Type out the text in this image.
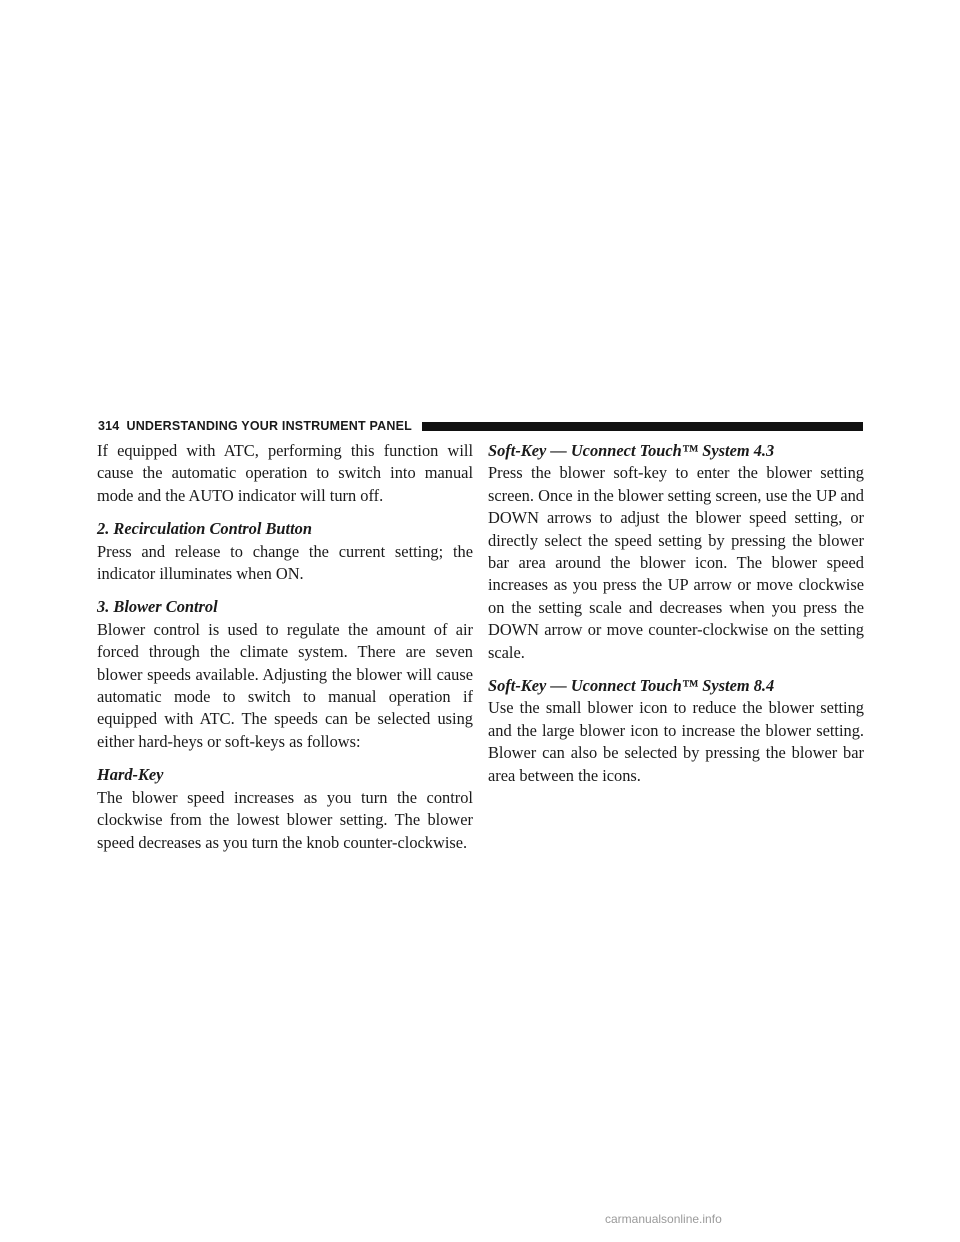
314 UNDERSTANDING YOUR INSTRUMENT PANEL

If equipped with ATC, performing this function will cause the automatic operation to switch into manual mode and the AUTO indicator will turn off.

2. Recirculation Control Button

Press and release to change the current setting; the indicator illuminates when ON.

3. Blower Control

Blower control is used to regulate the amount of air forced through the climate system. There are seven blower speeds available. Adjusting the blower will cause automatic mode to switch to manual operation if equipped with ATC. The speeds can be selected using either hard-heys or soft-keys as follows:

Hard-Key

The blower speed increases as you turn the control clockwise from the lowest blower setting. The blower speed decreases as you turn the knob counter-clockwise.

Soft-Key — Uconnect Touch™ System 4.3

Press the blower soft-key to enter the blower setting screen. Once in the blower setting screen, use the UP and DOWN arrows to adjust the blower speed setting, or directly select the speed setting by pressing the blower bar area around the blower icon. The blower speed increases as you press the UP arrow or move clockwise on the setting scale and decreases when you press the DOWN arrow or move counter-clockwise on the setting scale.

Soft-Key — Uconnect Touch™ System 8.4

Use the small blower icon to reduce the blower setting and the large blower icon to increase the blower setting. Blower can also be selected by pressing the blower bar area between the icons.

carmanualsonline.info
